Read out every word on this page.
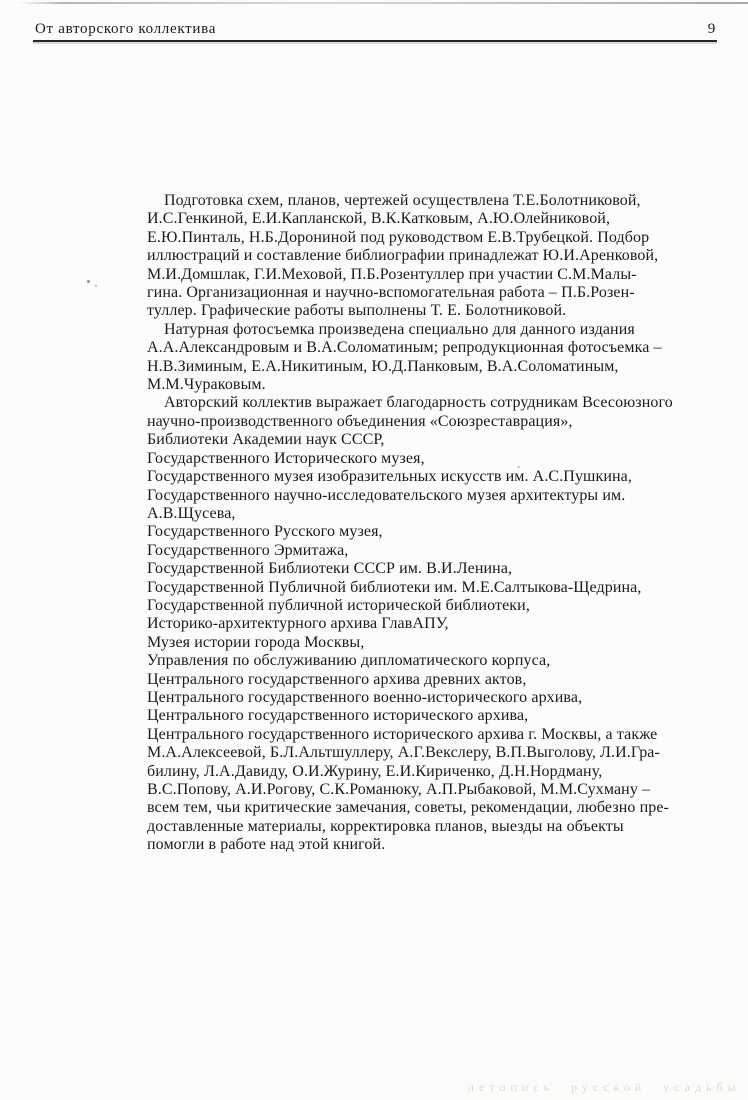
От авторского коллектива	9
Подготовка схем, планов, чертежей осуществлена Т.Е.Болотниковой,
И.С.Генкиной, Е.И.Капланской, В.К.Катковым, А.Ю.Олейниковой,
Е.Ю.Пинталь, Н.Б.Дорониной под руководством Е.В.Трубецкой. Подбор
иллюстраций и составление библиографии принадлежат Ю.И.Аренковой,
М.И.Домшлак, Г.И.Меховой, П.Б.Розентуллер при участии С.М.Малы-
гина. Организационная и научно-вспомогательная работа – П.Б.Розен-
туллер. Графические работы выполнены Т. Е. Болотниковой.
Натурная фотосъемка произведена специально для данного издания
А.А.Александровым и В.А.Соломатиным; репродукционная фотосъемка –
Н.В.Зиминым, Е.А.Никитиным, Ю.Д.Панковым, В.А.Соломатиным,
М.М.Чураковым.
Авторский коллектив выражает благодарность сотрудникам Всесоюзного
научно-производственного объединения «Союзреставрация»,
Библиотеки Академии наук СССР,
Государственного Исторического музея,
Государственного музея изобразительных искусств им. А.С.Пушкина,
Государственного научно-исследовательского музея архитектуры им.
А.В.Щусева,
Государственного Русского музея,
Государственного Эрмитажа,
Государственной Библиотеки СССР им. В.И.Ленина,
Государственной Публичной библиотеки им. М.Е.Салтыкова-Щедрина,
Государственной публичной исторической библиотеки,
Историко-архитектурного архива ГлавАПУ,
Музея истории города Москвы,
Управления по обслуживанию дипломатического корпуса,
Центрального государственного архива древних актов,
Центрального государственного военно-исторического архива,
Центрального государственного исторического архива,
Центрального государственного исторического архива г. Москвы, а также
М.А.Алексеевой, Б.Л.Альтшуллеру, А.Г.Векслеру, В.П.Выголову, Л.И.Гра-
билину, Л.А.Давиду, О.И.Журину, Е.И.Кириченко, Д.Н.Нордману,
В.С.Попову, А.И.Рогову, С.К.Романюку, А.П.Рыбаковой, М.М.Сухману –
всем тем, чьи критические замечания, советы, рекомендации, любезно пре-
доставленные материалы, корректировка планов, выезды на объекты
помогли в работе над этой книгой.
летопись русской усадьбы
